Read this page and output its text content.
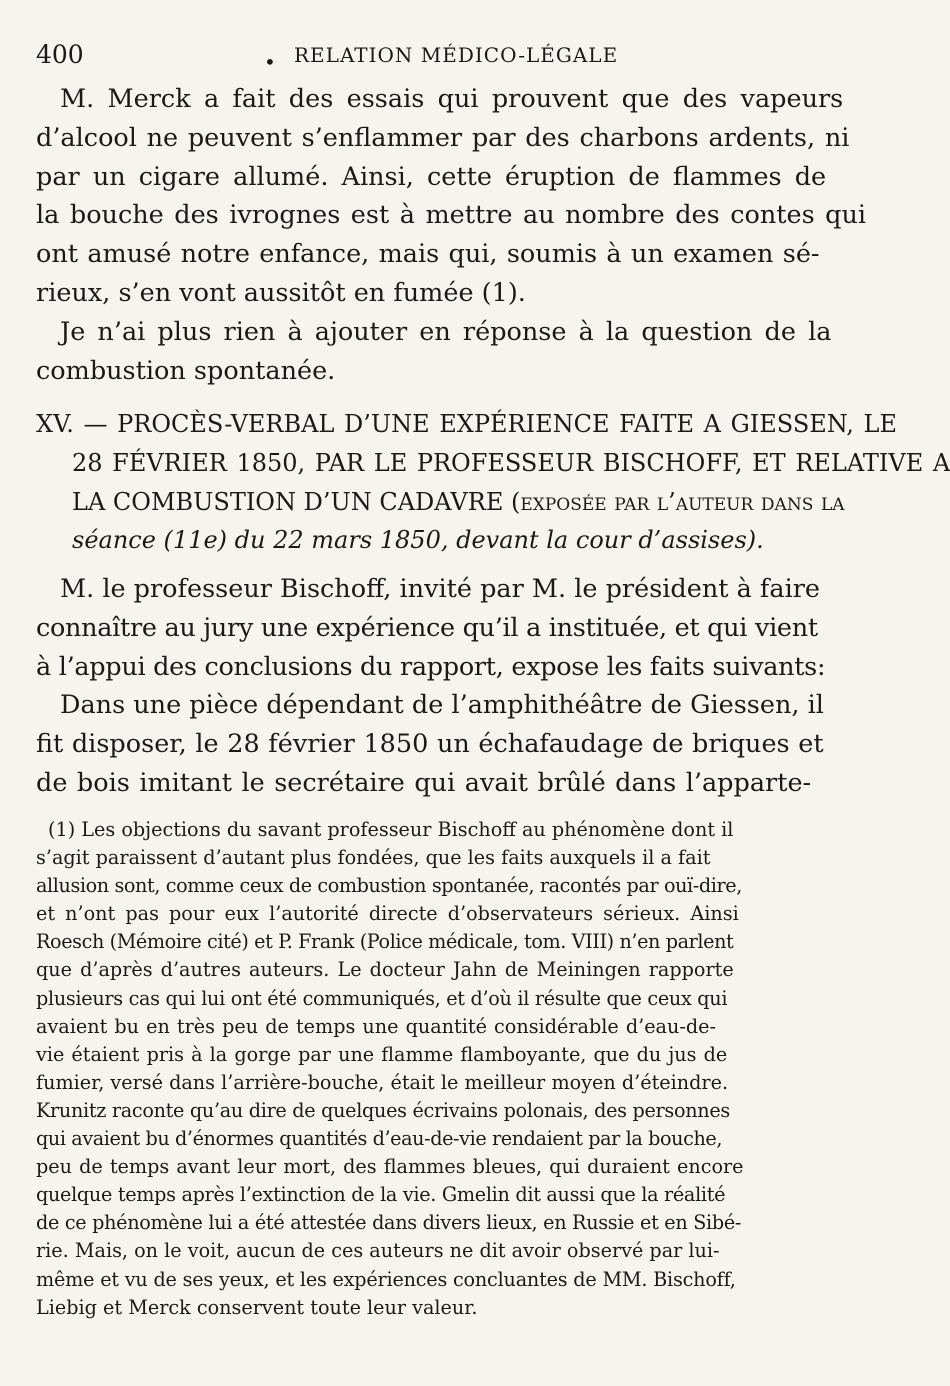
400	• RELATION MÉDICO-LÉGALE
M. Merck a fait des essais qui prouvent que des vapeurs
d’alcool ne peuvent s’enflammer par des charbons ardents, ni
par un cigare allumé. Ainsi, cette éruption de flammes de
la bouche des ivrognes est à mettre au nombre des contes qui
ont amusé notre enfance, mais qui, soumis à un examen sé-
rieux, s’en vont aussitôt en fumée (1).
Je n’ai plus rien à ajouter en réponse à la question de la
combustion spontanée.
XV. — PROCÈS-VERBAL D’UNE EXPÉRIENCE FAITE A GIESSEN, LE
28 FÉVRIER 1850, PAR LE PROFESSEUR BISCHOFF, ET RELATIVE A
LA COMBUSTION D’UN CADAVRE (exposée par l’auteur dans la
séance (11e) du 22 mars 1850, devant la cour d’assises).
M. le professeur Bischoff, invité par M. le président à faire
connaître au jury une expérience qu’il a instituée, et qui vient
à l’appui des conclusions du rapport, expose les faits suivants:
Dans une pièce dépendant de l’amphithéâtre de Giessen, il
fit disposer, le 28 février 1850 un échafaudage de briques et
de bois imitant le secrétaire qui avait brûlé dans l’apparte-
(1) Les objections du savant professeur Bischoff au phénomène dont il
s’agit paraissent d’autant plus fondées, que les faits auxquels il a fait
allusion sont, comme ceux de combustion spontanée, racontés par ouï-dire,
et n’ont pas pour eux l’autorité directe d’observateurs sérieux. Ainsi
Roesch (Mémoire cité) et P. Frank (Police médicale, tom. VIII) n’en parlent
que d’après d’autres auteurs. Le docteur Jahn de Meiningen rapporte
plusieurs cas qui lui ont été communiqués, et d’où il résulte que ceux qui
avaient bu en très peu de temps une quantité considérable d’eau-de-
vie étaient pris à la gorge par une flamme flamboyante, que du jus de
fumier, versé dans l’arrière-bouche, était le meilleur moyen d’éteindre.
Krunitz raconte qu’au dire de quelques écrivains polonais, des personnes
qui avaient bu d’énormes quantités d’eau-de-vie rendaient par la bouche,
peu de temps avant leur mort, des flammes bleues, qui duraient encore
quelque temps après l’extinction de la vie. Gmelin dit aussi que la réalité
de ce phénomène lui a été attestée dans divers lieux, en Russie et en Sibé-
rie. Mais, on le voit, aucun de ces auteurs ne dit avoir observé par lui-
même et vu de ses yeux, et les expériences concluantes de MM. Bischoff,
Liebig et Merck conservent toute leur valeur.
